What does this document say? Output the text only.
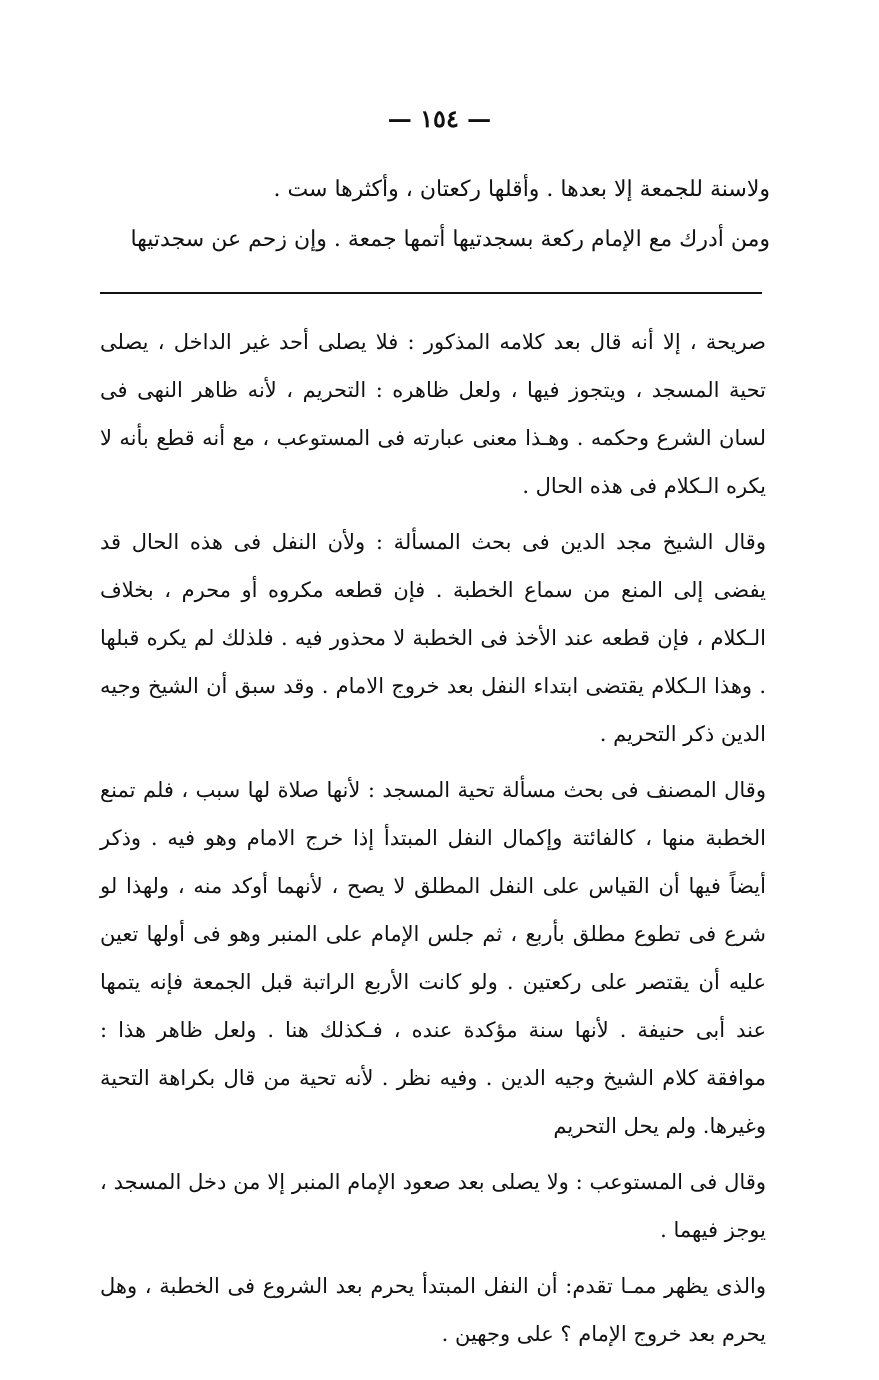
— ١٥٤ —

ولاسنة للجمعة إلا بعدها . وأقلها ركعتان ، وأكثرها ست .

ومن أدرك مع الإمام ركعة بسجدتيها أتمها جمعة . وإن زحم عن سجدتيها

صريحة ، إلا أنه قال بعد كلامه المذكور : فلا يصلى أحد غير الداخل ، يصلى تحية المسجد ، ويتجوز فيها ، ولعل ظاهره : التحريم ، لأنه ظاهر النهى فى لسان الشرع وحكمه . وهـذا معنى عبارته فى المستوعب ، مع أنه قطع بأنه لا يكره الـكلام فى هذه الحال .

وقال الشيخ مجد الدين فى بحث المسألة : ولأن النفل فى هذه الحال قد يفضى إلى المنع من سماع الخطبة . فإن قطعه مكروه أو محرم ، بخلاف الـكلام ، فإن قطعه عند الأخذ فى الخطبة لا محذور فيه . فلذلك لم يكره قبلها . وهذا الـكلام يقتضى ابتداء النفل بعد خروج الامام . وقد سبق أن الشيخ وجيه الدين ذكر التحريم .

وقال المصنف فى بحث مسألة تحية المسجد : لأنها صلاة لها سبب ، فلم تمنع الخطبة منها ، كالفائتة وإكمال النفل المبتدأ إذا خرج الامام وهو فيه . وذكر أيضاً فيها أن القياس على النفل المطلق لا يصح ، لأنهما أوكد منه ، ولهذا لو شرع فى تطوع مطلق بأربع ، ثم جلس الإمام على المنبر وهو فى أولها تعين عليه أن يقتصر على ركعتين . ولو كانت الأربع الراتبة قبل الجمعة فإنه يتمها عند أبى حنيفة . لأنها سنة مؤكدة عنده ، فـكذلك هنا . ولعل ظاهر هذا : موافقة كلام الشيخ وجيه الدين . وفيه نظر . لأنه تحية من قال بكراهة التحية وغيرها. ولم يحل التحريم

وقال فى المستوعب : ولا يصلى بعد صعود الإمام المنبر إلا من دخل المسجد ، يوجز فيهما .

والذى يظهر ممـا تقدم: أن النفل المبتدأ يحرم بعد الشروع فى الخطبة ، وهل يحرم بعد خروج الإمام ؟ على وجهين .
